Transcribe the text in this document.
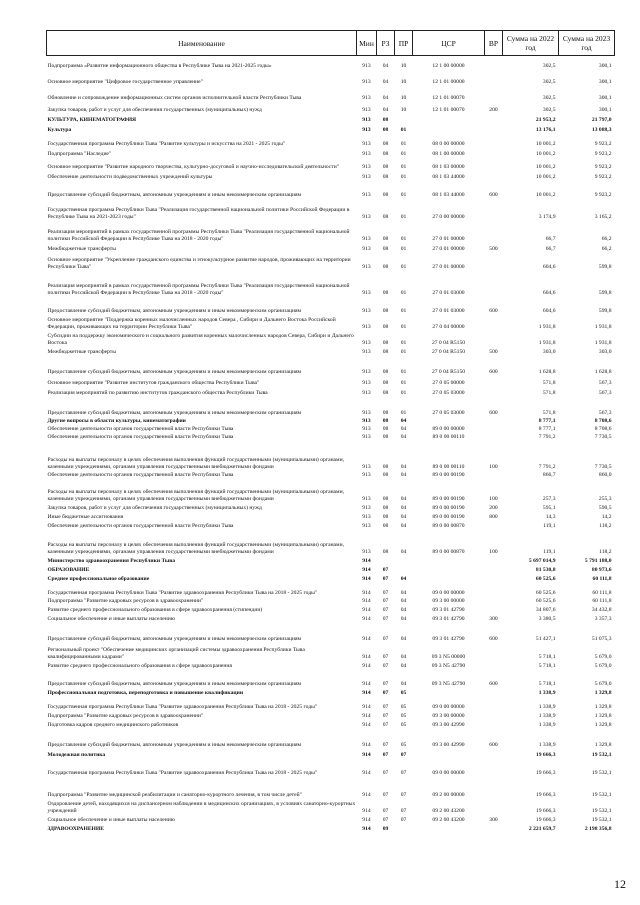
Наименование	Мин	РЗ	ПР	ЦСР	ВР	Сумма на 2022 год	Сумма на 2023 год
Подпрограмма «Развитие информационного общества в Республике Тыва на 2021-2025 годы»	913	04	10	12 1 00 00000		302,5	300,1
Основное мероприятие "Цифровое государственное управление"	913	04	10	12 1 01 00000		302,5	300,1
Обновление и сопровождение информационных систем органов исполнительной власти Республики Тыва	913	04	10	12 1 01 00070		302,5	300,1
Закупка товаров, работ и услуг для обеспечения государственных (муниципальных) нужд	913	04	10	12 1 01 00070	200	302,5	300,1
КУЛЬТУРА, КИНЕМАТОГРАФИЯ	913	08				21 953,2	21 797,0
Культура	913	08	01			13 176,1	13 088,3
Государственная программа Республики Тыва "Развитие культуры и искусства на 2021 - 2025 годы"	913	08	01	08 0 00 00000		10 001,2	9 923,2
Подпрограмма "Наследие"	913	08	01	08 1 00 00000		10 001,2	9 923,2
Основное мероприятие "Развитие народного творчества, культурно-досуговой и научно-исследовательской деятельности"	913	08	01	08 1 03 00000		10 001,2	9 923,2
Обеспечение деятельности подведомственных учреждений культуры	913	08	01	08 1 03 44000		10 001,2	9 923,2
Предоставление субсидий бюджетным, автономным учреждениям и иным некоммерческим организациям	913	08	01	08 1 03 44000	600	10 001,2	9 923,2
Государственная программа Республики Тыва "Реализация государственной национальной политики Российской Федерации в Республике Тыва на 2021-2023 годы"	913	08	01	27 0 00 00000		3 174,9	3 165,2
Реализация мероприятий в рамках государственной программы Республики Тыва "Реализация государственной национальной политики Российской Федерации в Республике Тыва на 2018 - 2020 годы"	913	08	01	27 0 01 00000		66,7	66,2
Межбюджетные трансферты	913	08	01	27 0 01 00000	500	66,7	66,2
Основное мероприятие "Укрепление гражданского единства и этнокультурное развитие народов, проживающих на территории Республики Тыва"	913	08	01	27 0 01 00000		604,6	599,8
Реализация мероприятий в рамках государственной программы Республики Тыва "Реализация государственной национальной политики Российской Федерации в Республике Тыва на 2018 - 2020 годы"	913	08	01	27 0 01 03000		604,6	599,8
Предоставление субсидий бюджетным, автономным учреждениям и иным некоммерческим организациям	913	08	01	27 0 01 03000	600	604,6	599,8
Основное мероприятие "Поддержка коренных малочисленных народов Севера , Сибири и Дальнего Востока Российской Федерации, проживающих на территории Республики Тыва"	913	08	01	27 0 04 00000		1 931,8	1 931,8
Субсидии на поддержку экономического и социального развития коренных малочисленных народов Севера, Сибири и Дальнего Востока	913	08	01	27 0 04 R5150		1 931,8	1 931,8
Межбюджетные трансферты	913	08	01	27 0 04 R5150	500	303,0	303,0
Предоставление субсидий бюджетным, автономным учреждениям и иным некоммерческим организациям	913	08	01	27 0 04 R5150	600	1 628,8	1 628,8
Основное мероприятие "Развитие институтов гражданского общества Республики Тыва"	913	08	01	27 0 05 00000		571,8	567,3
Реализация мероприятий по развитию институтов гражданского общества Республики Тыва	913	08	01	27 0 05 03000		571,8	567,3
Предоставление субсидий бюджетным, автономным учреждениям и иным некоммерческим организациям	913	08	01	27 0 05 03000	600	571,8	567,3
Другие вопросы в области культуры, кинематографии	913	08	04			8 777,1	8 708,6
Обеспечение деятельности органов государственной власти Республики Тыва	913	08	04	89 0 00 00000		8 777,1	8 708,6
Обеспечение деятельности органов государственной власти Республики Тыва	913	08	04	89 0 00 00110		7 791,2	7 730,5
Расходы на выплаты персоналу в целях обеспечения выполнения функций государственными (муниципальными) органами, казенными учреждениями, органами управления государственными внебюджетными фондами	913	08	04	89 0 00 00110	100	7 791,2	7 730,5
Обеспечение деятельности органов государственной власти Республики Тыва	913	08	04	89 0 00 00190		866,7	860,0
Расходы на выплаты персоналу в целях обеспечения выполнения функций государственными (муниципальными) органами, казенными учреждениями, органами управления государственными внебюджетными фондами	913	08	04	89 0 00 00190	100	257,3	255,3
Закупка товаров, работ и услуг для обеспечения государственных (муниципальных) нужд	913	08	04	89 0 00 00190	200	595,1	590,5
Иные бюджетные ассигнования	913	08	04	89 0 00 00190	800	14,3	14,2
Обеспечение деятельности органов государственной власти Республики Тыва	913	08	04	89 0 00 00870		119,1	118,2
Расходы на выплаты персоналу в целях обеспечения выполнения функций государственными (муниципальными) органами, казенными учреждениями, органами управления государственными внебюджетными фондами	913	08	04	89 0 00 00870	100	119,1	118,2
Министерство здравоохранения Республики Тыва	914					5 697 014,9	5 791 188,0
ОБРАЗОВАНИЕ	914	07				81 530,8	80 973,6
Среднее профессиональное образование	914	07	04			60 525,6	60 111,8
Государственная программа Республики Тыва "Развитие здравоохранения Республики Тыва на 2018 - 2025 годы"	914	07	04	09 0 00 00000		60 525,6	60 111,8
Подпрограмма "Развитие кадровых ресурсов в здравоохранении"	914	07	04	09 3 00 00000		60 525,6	60 111,8
Развитие среднего профессионального образования в сфере здравоохранения (стипендии)	914	07	04	09 3 01 42790		34 807,6	34 432,8
Социальное обеспечение и иные выплаты населению	914	07	04	09 3 01 42790	300	3 380,5	3 357,3
Предоставление субсидий бюджетным, автономным учреждениям и иным некоммерческим организациям	914	07	04	09 3 01 42790	600	51 427,1	51 075,3
Региональный проект "Обеспечение медицинских организаций системы здравоохранения Республики Тыва квалифицированными кадрами"	914	07	04	09 3 N5 00000		5 718,1	5 679,0
Развитие среднего профессионального образования в сфере здравоохранения	914	07	04	09 3 N5 42790		5 718,1	5 679,0
Предоставление субсидий бюджетным, автономным учреждениям и иным некоммерческим организациям	914	07	04	09 3 N5 42790	600	5 718,1	5 679,0
Профессиональная подготовка, переподготовка и повышение квалификации	914	07	05			1 338,9	1 329,8
Государственная программа Республики Тыва "Развитие здравоохранения Республики Тыва на 2018 - 2025 годы"	914	07	05	09 0 00 00000		1 338,9	1 329,8
Подпрограмма "Развитие кадровых ресурсов в здравоохранении"	914	07	05	09 3 00 00000		1 338,9	1 329,8
Подготовка кадров среднего медицинского работников	914	07	05	09 3 00 42990		1 338,9	1 329,8
Предоставление субсидий бюджетным, автономным учреждениям и иным некоммерческим организациям	914	07	05	09 3 00 42990	600	1 338,9	1 329,8
Молодежная политика	914	07	07			19 666,3	19 532,1
Государственная программа Республики Тыва "Развитие здравоохранения Республики Тыва на 2018 - 2025 годы"	914	07	07	09 0 00 00000		19 666,3	19 532,1
Подпрограмма "Развитие медицинской реабилитации и санаторно-курортного лечения, в том числе детей"	914	07	07	09 2 00 00000		19 666,3	19 532,1
Оздоровление детей, находящихся на диспансерном наблюдении в медицинских организациях, в условиях санаторно-курортных учреждений	914	07	07	09 2 00 43200		19 666,3	19 532,1
Социальное обеспечение и иные выплаты населению	914	07	07	09 2 00 43200	300	19 666,3	19 532,1
ЗДРАВООХРАНЕНИЕ	914	09				2 221 659,7	2 198 356,8
12
